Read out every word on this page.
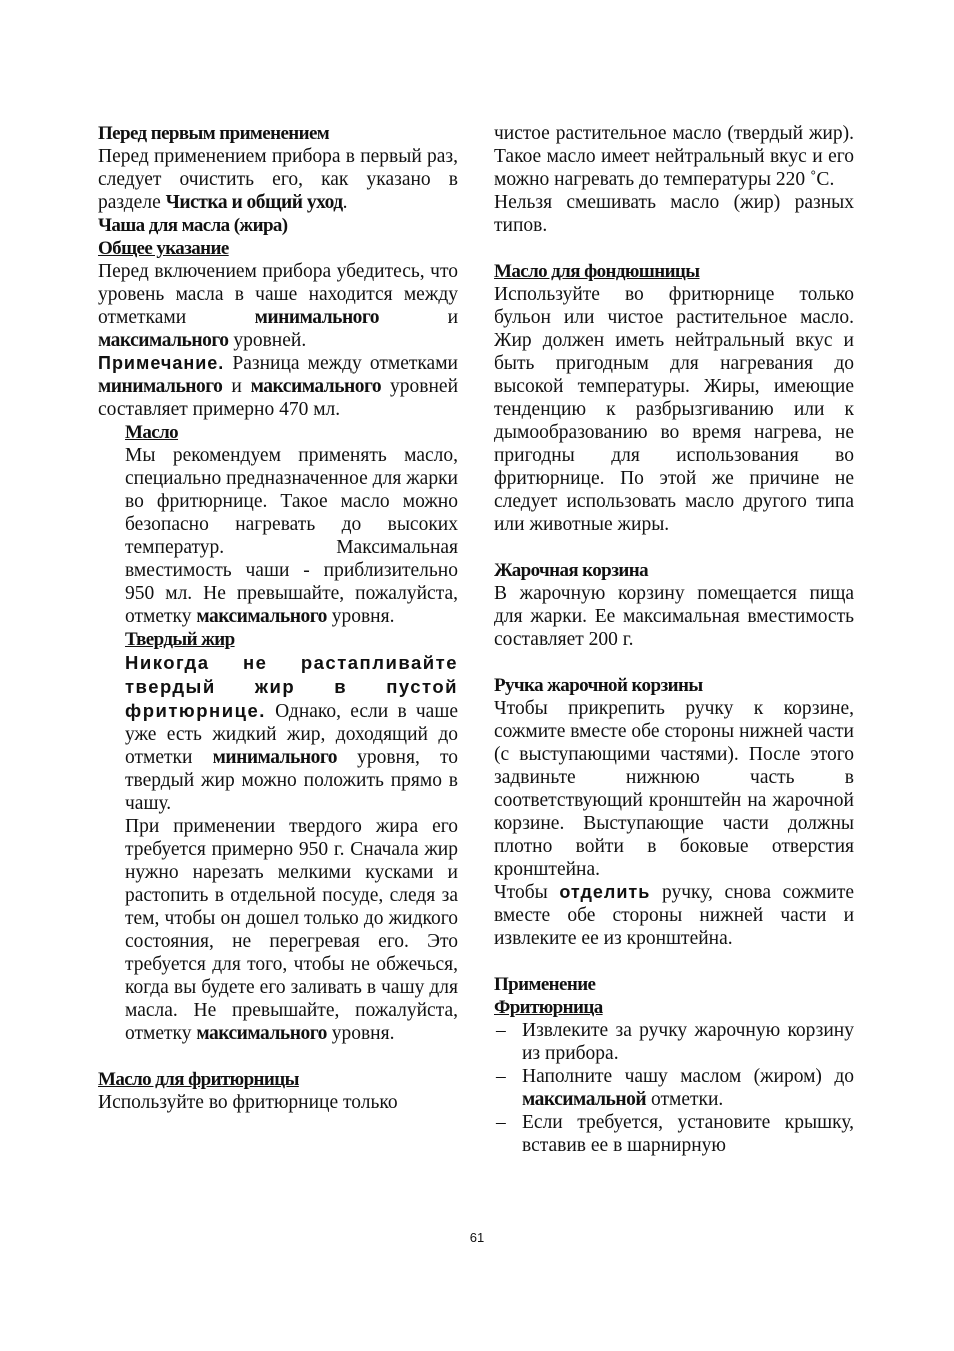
Перед первым применением

Перед применением прибора в первый раз, следует очистить его, как указано в разделе Чистка и общий уход.

Чаша для масла (жира)
Общее указание

Перед включением прибора убедитесь, что уровень масла в чаше находится между отметками минимального и максимального уровней.

Примечание. Разница между отметками минимального и максимального уровней составляет примерно 470 мл.

Масло

Мы рекомендуем применять масло, специально предназначенное для жарки во фритюрнице. Такое масло можно безопасно нагревать до высоких температур. Максимальная вместимость чаши - приблизительно 950 мл. Не превышайте, пожалуйста, отметку максимального уровня.

Твердый жир

Никогда не растапливайте твердый жир в пустой фритюрнице. Однако, если в чаше уже есть жидкий жир, доходящий до отметки минимального уровня, то твердый жир можно положить прямо в чашу.

При применении твердого жира его требуется примерно 950 г. Сначала жир нужно нарезать мелкими кусками и растопить в отдельной посуде, следя за тем, чтобы он дошел только до жидкого состояния, не перегревая его. Это требуется для того, чтобы не обжечься, когда вы будете его заливать в чашу для масла. Не превышайте, пожалуйста, отметку максимального уровня.

Масло для фритюрницы

Используйте во фритюрнице только

чистое растительное масло (твердый жир). Такое масло имеет нейтральный вкус и его можно нагревать до температуры 220 ˚С.

Нельзя смешивать масло (жир) разных типов.

Масло для фондюшницы

Используйте во фритюрнице только бульон или чистое растительное масло. Жир должен иметь нейтральный вкус и быть пригодным для нагревания до высокой температуры. Жиры, имеющие тенденцию к разбрызгиванию или к дымообразованию во время нагрева, не пригодны для использования во фритюрнице. По этой же причине не следует использовать масло другого типа или животные жиры.

Жарочная корзина

В жарочную корзину помещается пища для жарки. Ее максимальная вместимость составляет 200 г.

Ручка жарочной корзины

Чтобы прикрепить ручку к корзине, сожмите вместе обе стороны нижней части (с выступающими частями). После этого задвиньте нижнюю часть в соответствующий кронштейн на жарочной корзине. Выступающие части должны плотно войти в боковые отверстия кронштейна.

Чтобы отделить ручку, снова сожмите вместе обе стороны нижней части и извлеките ее из кронштейна.

Применение
Фритюрница
– Извлеките за ручку жарочную корзину из прибора.
– Наполните чашу маслом (жиром) до максимальной отметки.
– Если требуется, установите крышку, вставив ее в шарнирную
61
